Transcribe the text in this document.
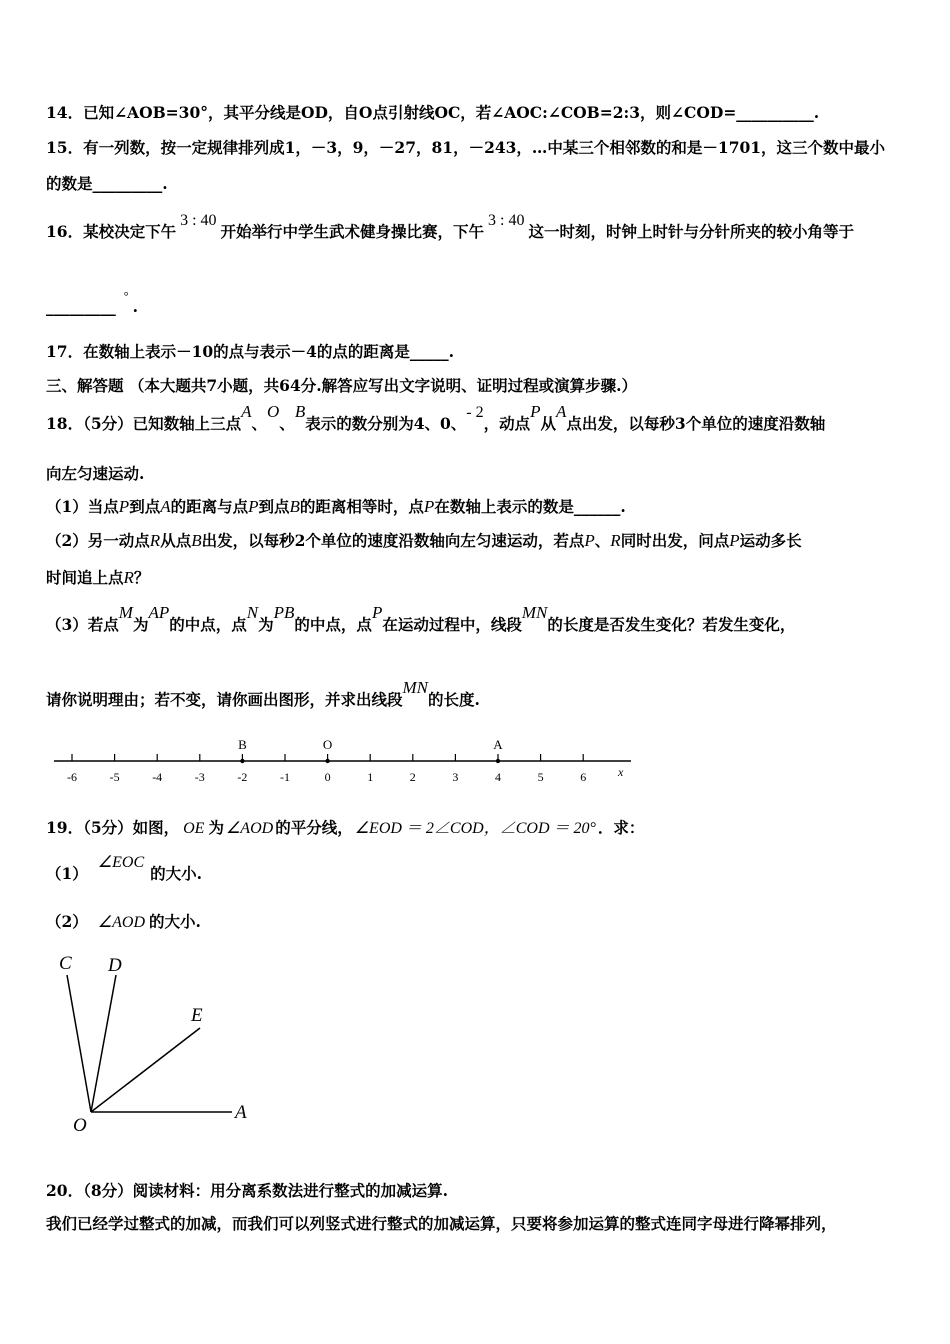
14．已知∠AOB=30°，其平分线是OD，自O点引射线OC，若∠AOC:∠COB=2:3，则∠COD=__________.
15．有一列数，按一定规律排列成1，－3，9，－27，81，－243，…中某三个相邻数的和是－1701，这三个数中最小
的数是_________.
16．某校决定下午3 : 40开始举行中学生武术健身操比赛，下午3 : 40这一时刻，时钟上时针与分针所夹的较小角等于
_________°.
17．在数轴上表示－10的点与表示－4的点的距离是_____.
三、解答题 （本大题共7小题，共64分.解答应写出文字说明、证明过程或演算步骤.）
18．（5分）已知数轴上三点A、O、B表示的数分别为4、0、- 2，动点P从A点出发，以每秒3个单位的速度沿数轴
向左匀速运动.
（1）当点P到点A的距离与点P到点B的距离相等时，点P在数轴上表示的数是______.
（2）另一动点R从点B出发，以每秒2个单位的速度沿数轴向左匀速运动，若点P、R同时出发，问点P运动多长
时间追上点R？
（3）若点M为AP的中点，点N为PB的中点，点P在运动过程中，线段MN的长度是否发生变化？若发生变化，
请你说明理由；若不变，请你画出图形，并求出线段MN的长度.
-6	-5	-4	-3	-2	-1	0	1	2	3	4	5	6
B	O	A
x
19．（5分）如图， OE 为 ∠AOD 的平分线， ∠EOD ＝ 2∠COD，∠COD ＝ 20° ．求：
（1）∠EOC的大小.
（2） ∠AOD 的大小.
C D
E
O
A
20．（8分）阅读材料：用分离系数法进行整式的加减运算.
我们已经学过整式的加减，而我们可以列竖式进行整式的加减运算，只要将参加运算的整式连同字母进行降幂排列，
